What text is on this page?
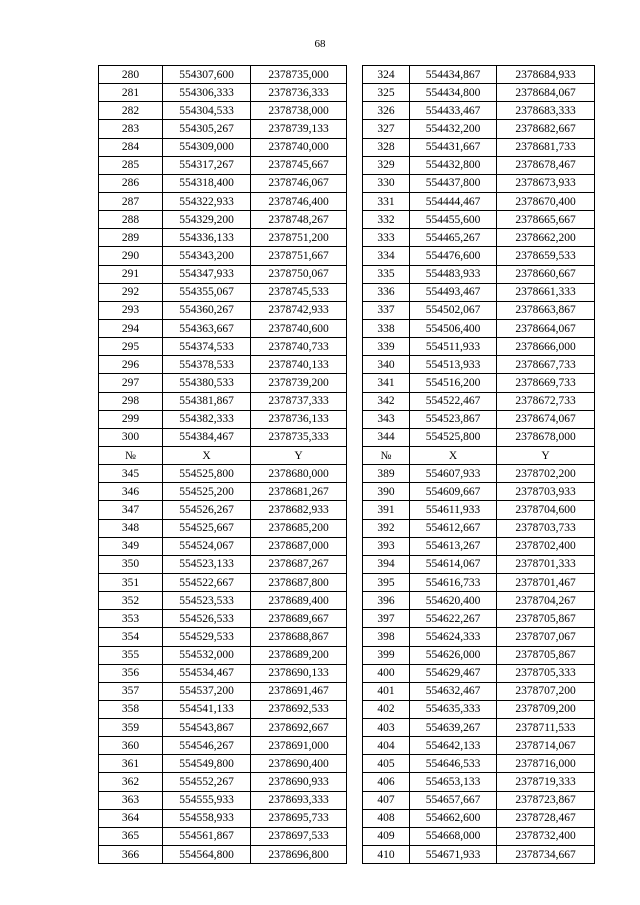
68
280	554307,600	2378735,000		324	554434,867	2378684,933
281	554306,333	2378736,333		325	554434,800	2378684,067
282	554304,533	2378738,000		326	554433,467	2378683,333
283	554305,267	2378739,133		327	554432,200	2378682,667
284	554309,000	2378740,000		328	554431,667	2378681,733
285	554317,267	2378745,667		329	554432,800	2378678,467
286	554318,400	2378746,067		330	554437,800	2378673,933
287	554322,933	2378746,400		331	554444,467	2378670,400
288	554329,200	2378748,267		332	554455,600	2378665,667
289	554336,133	2378751,200		333	554465,267	2378662,200
290	554343,200	2378751,667		334	554476,600	2378659,533
291	554347,933	2378750,067		335	554483,933	2378660,667
292	554355,067	2378745,533		336	554493,467	2378661,333
293	554360,267	2378742,933		337	554502,067	2378663,867
294	554363,667	2378740,600		338	554506,400	2378664,067
295	554374,533	2378740,733		339	554511,933	2378666,000
296	554378,533	2378740,133		340	554513,933	2378667,733
297	554380,533	2378739,200		341	554516,200	2378669,733
298	554381,867	2378737,333		342	554522,467	2378672,733
299	554382,333	2378736,133		343	554523,867	2378674,067
300	554384,467	2378735,333		344	554525,800	2378678,000
№	X	Y		№	X	Y
345	554525,800	2378680,000		389	554607,933	2378702,200
346	554525,200	2378681,267		390	554609,667	2378703,933
347	554526,267	2378682,933		391	554611,933	2378704,600
348	554525,667	2378685,200		392	554612,667	2378703,733
349	554524,067	2378687,000		393	554613,267	2378702,400
350	554523,133	2378687,267		394	554614,067	2378701,333
351	554522,667	2378687,800		395	554616,733	2378701,467
352	554523,533	2378689,400		396	554620,400	2378704,267
353	554526,533	2378689,667		397	554622,267	2378705,867
354	554529,533	2378688,867		398	554624,333	2378707,067
355	554532,000	2378689,200		399	554626,000	2378705,867
356	554534,467	2378690,133		400	554629,467	2378705,333
357	554537,200	2378691,467		401	554632,467	2378707,200
358	554541,133	2378692,533		402	554635,333	2378709,200
359	554543,867	2378692,667		403	554639,267	2378711,533
360	554546,267	2378691,000		404	554642,133	2378714,067
361	554549,800	2378690,400		405	554646,533	2378716,000
362	554552,267	2378690,933		406	554653,133	2378719,333
363	554555,933	2378693,333		407	554657,667	2378723,867
364	554558,933	2378695,733		408	554662,600	2378728,467
365	554561,867	2378697,533		409	554668,000	2378732,400
366	554564,800	2378696,800		410	554671,933	2378734,667
